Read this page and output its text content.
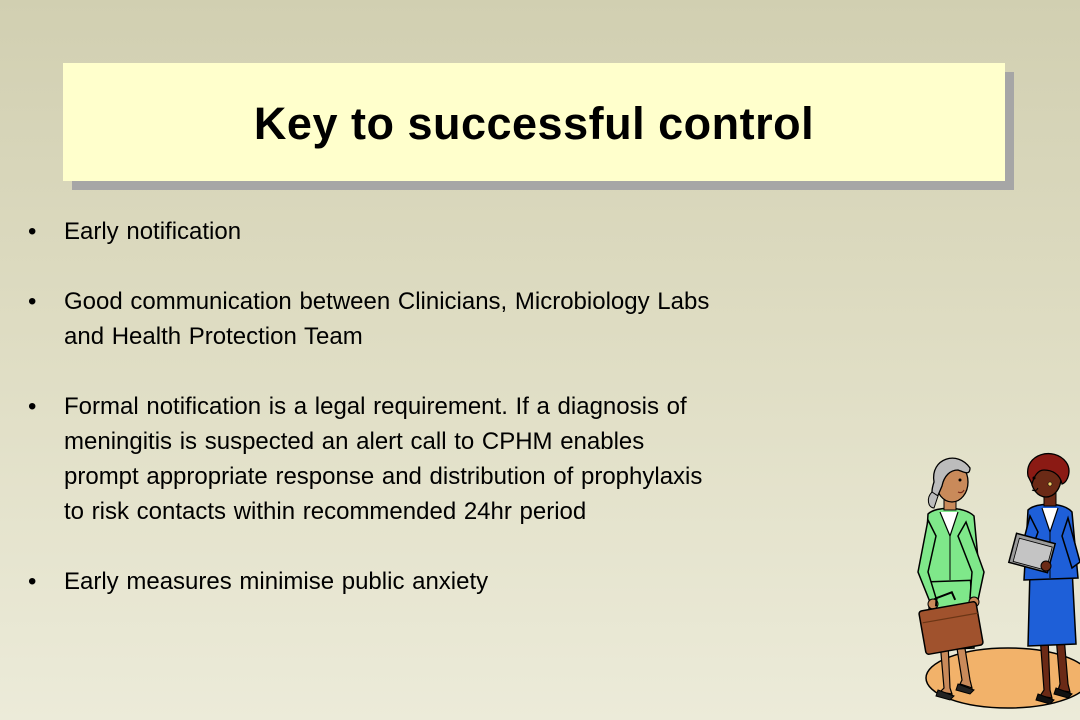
Key to successful control
• Early notification
• Good communication between Clinicians, Microbiology Labs
and Health Protection Team
• Formal notification is a legal requirement. If a diagnosis of
meningitis is suspected an alert call to CPHM enables
prompt appropriate response and distribution of prophylaxis
to risk contacts within recommended 24hr period
• Early measures minimise public anxiety
